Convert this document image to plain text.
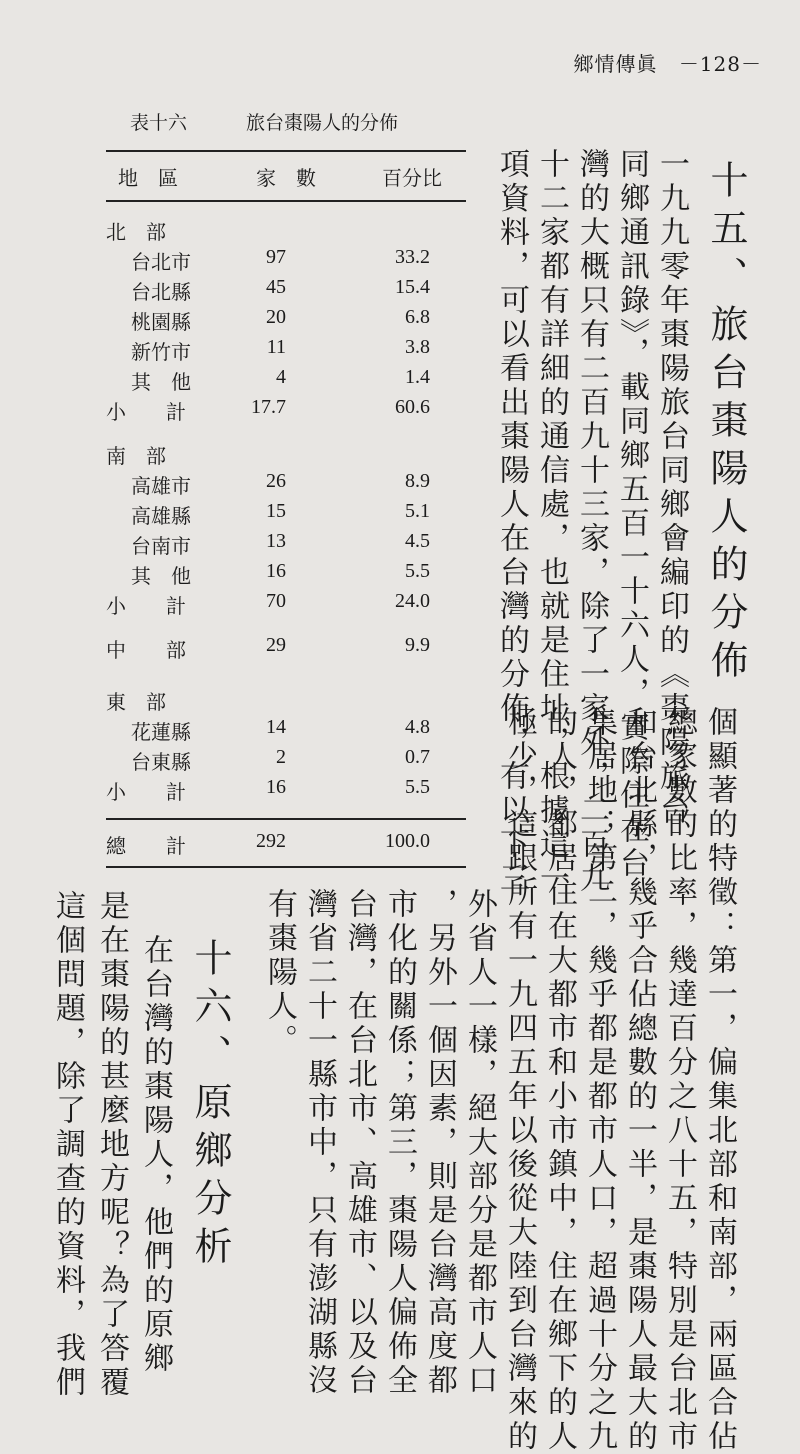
鄉情傳眞 －128－
表十六	旅台棗陽人的分佈
地　區	家　數	百分比
北　部
台北市	97	33.2
台北縣	45	15.4
桃園縣	20	6.8
新竹市	11	3.8
其　他	4	1.4
小　　計	17.7	60.6
南　部
高雄市	26	8.9
高雄縣	15	5.1
台南市	13	4.5
其　他	16	5.5
小　　計	70	24.0
中　　部	29	9.9
東　部
花蓮縣	14	4.8
台東縣	2	0.7
小　　計	16	5.5
總　　計	292	100.0
十五、旅台棗陽人的分佈
一九九零年棗陽旅台同鄉會編印的《棗陽旅台
同鄉通訊錄》，載同鄉五百一十六人，實際住在台
灣的大概只有二百九十三家，除了一家外，二百九
十二家都有詳細的通信處，也就是住址，根據這一
項資料，可以看出棗陽人在台灣的分佈，有以下三
個顯著的特徵：第一，偏集北部和南部，兩區合佔
總家數的比率，幾達百分之八十五，特別是台北市
和台北縣，幾乎合佔總數的一半，是棗陽人最大的
集居地；第二，幾乎都是都市人口，超過十分之九
的人，都居住在大都市和小市鎮中，住在鄉下的人
極少，這跟所有一九四五年以後從大陸到台灣來的
外省人一樣，絕大部分是都市人口
，另外一個因素，則是台灣高度都
市化的關係；第三，棗陽人偏佈全
台灣，在台北市、高雄市、以及台
灣省二十一縣市中，只有澎湖縣沒
有棗陽人。
十六、原鄉分析
在台灣的棗陽人，他們的原鄉
是在棗陽的甚麼地方呢？為了答覆
這個問題，除了調查的資料，我們
